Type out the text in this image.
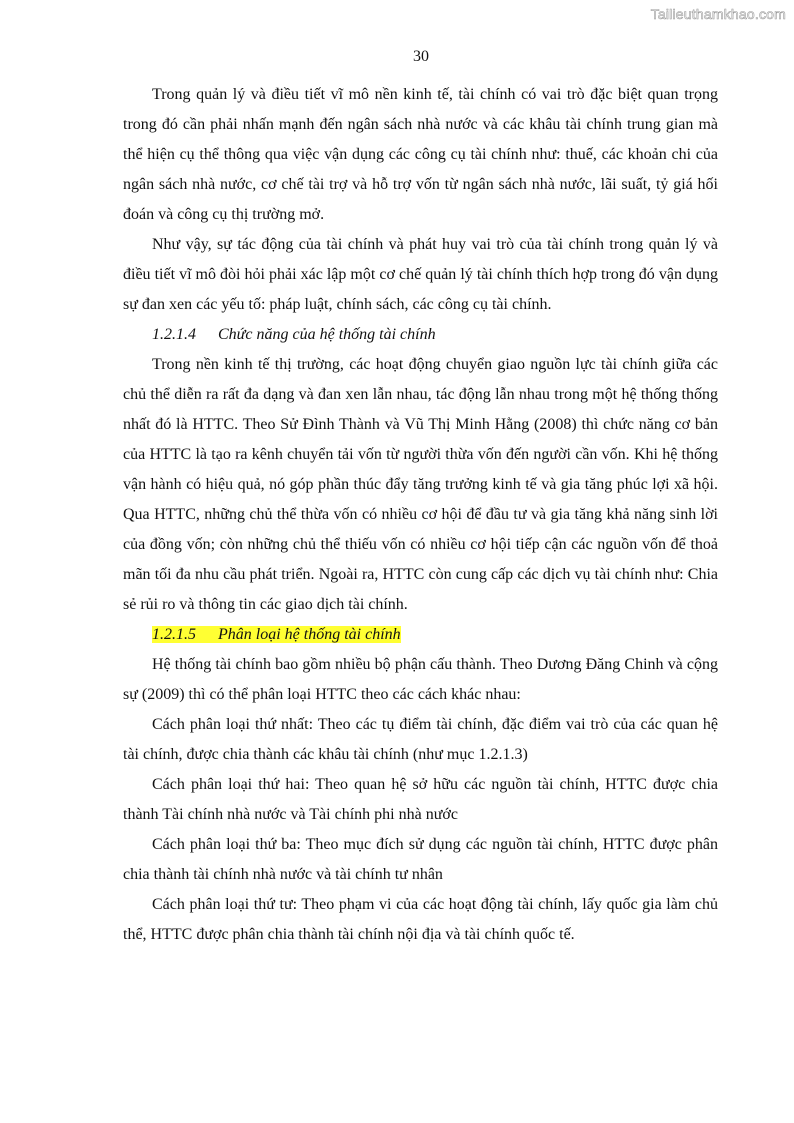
Tailieuthamkhao.com
30

Trong quản lý và điều tiết vĩ mô nền kinh tế, tài chính có vai trò đặc biệt quan trọng trong đó cần phải nhấn mạnh đến ngân sách nhà nước và các khâu tài chính trung gian mà thể hiện cụ thể thông qua việc vận dụng các công cụ tài chính như: thuế, các khoản chi của ngân sách nhà nước, cơ chế tài trợ và hỗ trợ vốn từ ngân sách nhà nước, lãi suất, tỷ giá hối đoán và công cụ thị trường mở.

Như vậy, sự tác động của tài chính và phát huy vai trò của tài chính trong quản lý và điều tiết vĩ mô đòi hỏi phải xác lập một cơ chế quản lý tài chính thích hợp trong đó vận dụng sự đan xen các yếu tố: pháp luật, chính sách, các công cụ tài chính.

1.2.1.4 Chức năng của hệ thống tài chính

Trong nền kinh tế thị trường, các hoạt động chuyển giao nguồn lực tài chính giữa các chủ thể diễn ra rất đa dạng và đan xen lẫn nhau, tác động lẫn nhau trong một hệ thống thống nhất đó là HTTC. Theo Sử Đình Thành và Vũ Thị Minh Hằng (2008) thì chức năng cơ bản của HTTC là tạo ra kênh chuyển tải vốn từ người thừa vốn đến người cần vốn. Khi hệ thống vận hành có hiệu quả, nó góp phần thúc đẩy tăng trưởng kinh tế và gia tăng phúc lợi xã hội. Qua HTTC, những chủ thể thừa vốn có nhiều cơ hội để đầu tư và gia tăng khả năng sinh lời của đồng vốn; còn những chủ thể thiếu vốn có nhiều cơ hội tiếp cận các nguồn vốn để thoả mãn tối đa nhu cầu phát triển. Ngoài ra, HTTC còn cung cấp các dịch vụ tài chính như: Chia sẻ rủi ro và thông tin các giao dịch tài chính.

1.2.1.5 Phân loại hệ thống tài chính

Hệ thống tài chính bao gồm nhiều bộ phận cấu thành. Theo Dương Đăng Chinh và cộng sự (2009) thì có thể phân loại HTTC theo các cách khác nhau:

Cách phân loại thứ nhất: Theo các tụ điểm tài chính, đặc điểm vai trò của các quan hệ tài chính, được chia thành các khâu tài chính (như mục 1.2.1.3)

Cách phân loại thứ hai: Theo quan hệ sở hữu các nguồn tài chính, HTTC được chia thành Tài chính nhà nước và Tài chính phi nhà nước

Cách phân loại thứ ba: Theo mục đích sử dụng các nguồn tài chính, HTTC được phân chia thành tài chính nhà nước và tài chính tư nhân

Cách phân loại thứ tư: Theo phạm vi của các hoạt động tài chính, lấy quốc gia làm chủ thể, HTTC được phân chia thành tài chính nội địa và tài chính quốc tế.
